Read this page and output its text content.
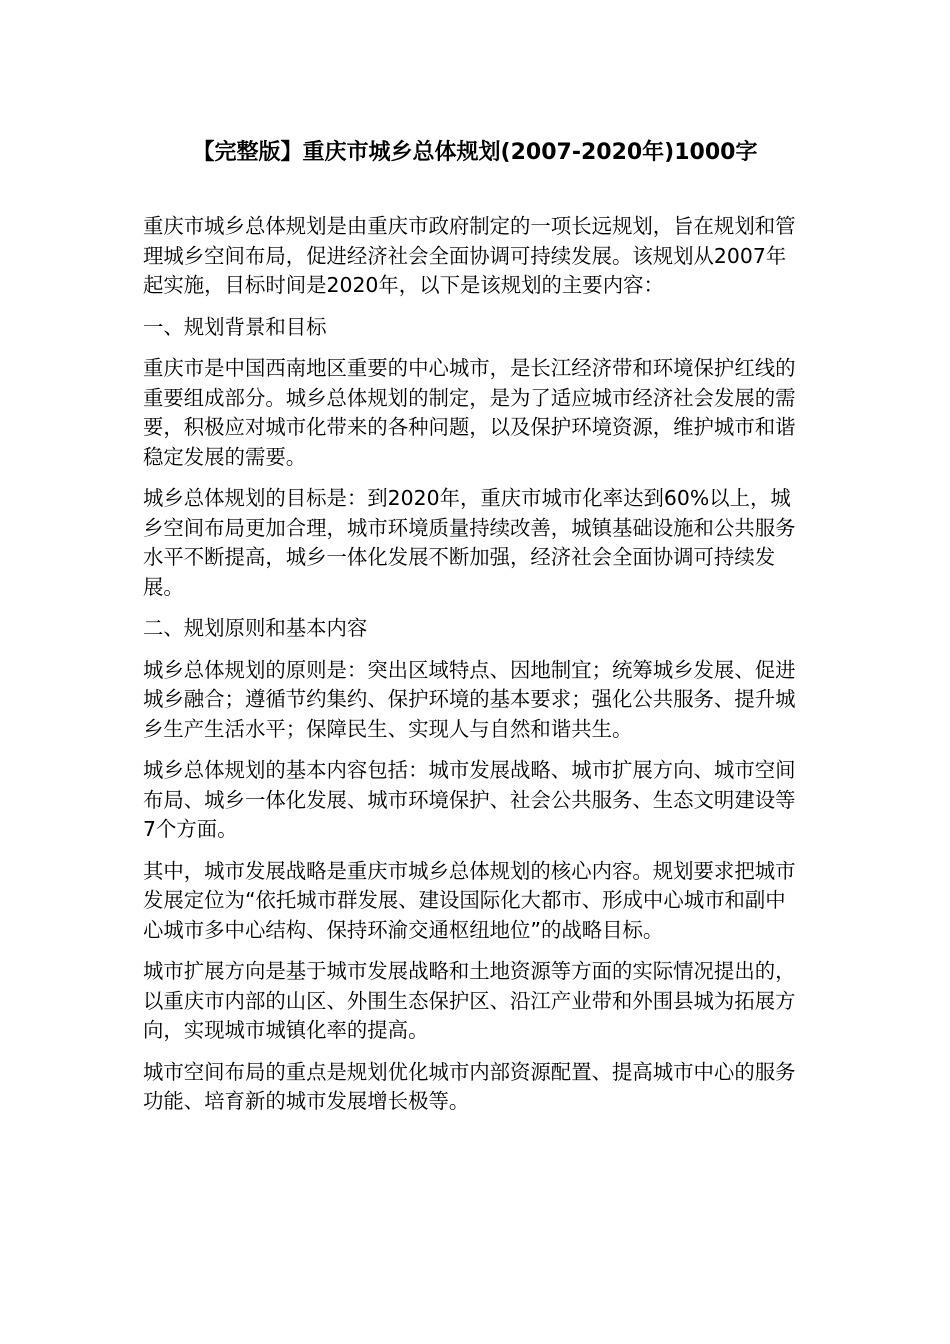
【完整版】重庆市城乡总体规划(2007-2020年)1000字

重庆市城乡总体规划是由重庆市政府制定的一项长远规划，旨在规划和管理城乡空间布局，促进经济社会全面协调可持续发展。该规划从2007年起实施，目标时间是2020年，以下是该规划的主要内容：

一、规划背景和目标

重庆市是中国西南地区重要的中心城市，是长江经济带和环境保护红线的重要组成部分。城乡总体规划的制定，是为了适应城市经济社会发展的需要，积极应对城市化带来的各种问题，以及保护环境资源，维护城市和谐稳定发展的需要。

城乡总体规划的目标是：到2020年，重庆市城市化率达到60%以上，城乡空间布局更加合理，城市环境质量持续改善，城镇基础设施和公共服务水平不断提高，城乡一体化发展不断加强，经济社会全面协调可持续发展。

二、规划原则和基本内容

城乡总体规划的原则是：突出区域特点、因地制宜；统筹城乡发展、促进城乡融合；遵循节约集约、保护环境的基本要求；强化公共服务、提升城乡生产生活水平；保障民生、实现人与自然和谐共生。

城乡总体规划的基本内容包括：城市发展战略、城市扩展方向、城市空间布局、城乡一体化发展、城市环境保护、社会公共服务、生态文明建设等7个方面。

其中，城市发展战略是重庆市城乡总体规划的核心内容。规划要求把城市发展定位为“依托城市群发展、建设国际化大都市、形成中心城市和副中心城市多中心结构、保持环渝交通枢纽地位”的战略目标。

城市扩展方向是基于城市发展战略和土地资源等方面的实际情况提出的，以重庆市内部的山区、外围生态保护区、沿江产业带和外围县城为拓展方向，实现城市城镇化率的提高。

城市空间布局的重点是规划优化城市内部资源配置、提高城市中心的服务功能、培育新的城市发展增长极等。
